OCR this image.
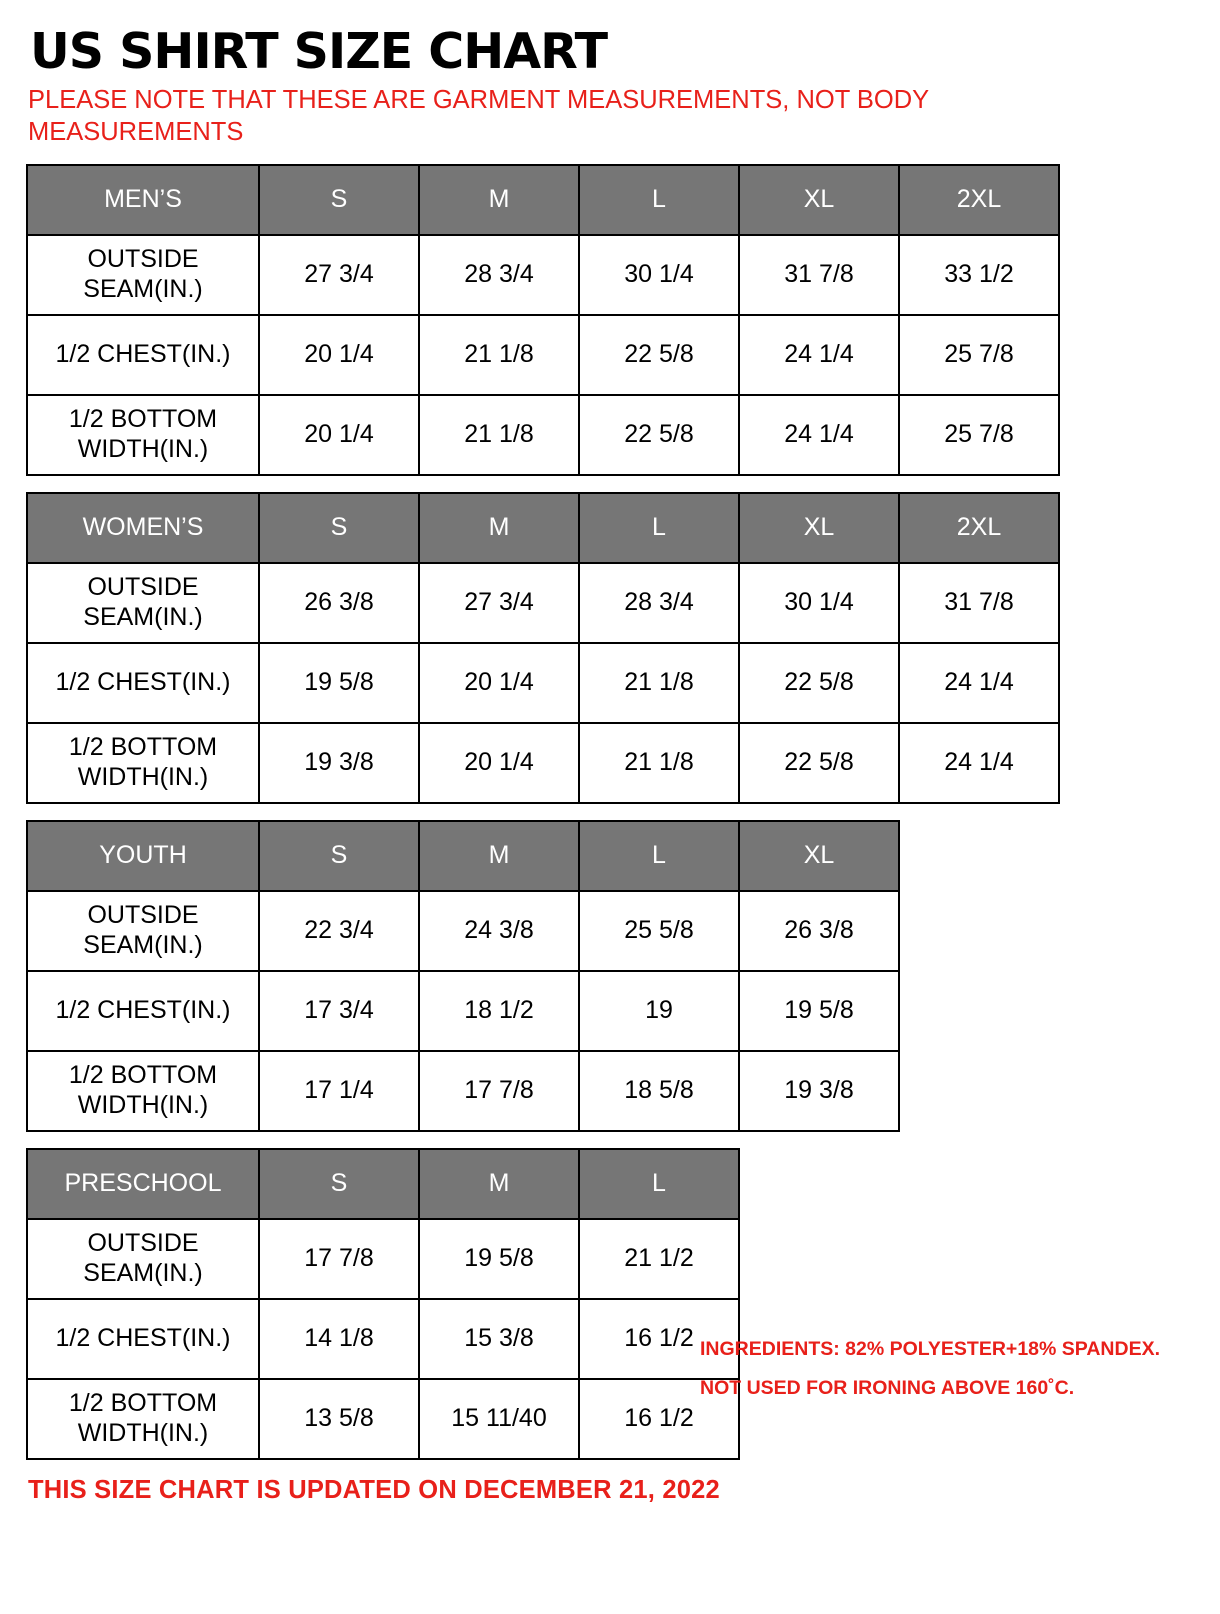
US SHIRT SIZE CHART
PLEASE NOTE THAT THESE ARE GARMENT MEASUREMENTS, NOT BODY MEASUREMENTS
MEN’S	S	M	L	XL	2XL
OUTSIDE SEAM(IN.)	27 3/4	28 3/4	30 1/4	31 7/8	33 1/2
1/2 CHEST(IN.)	20 1/4	21 1/8	22 5/8	24 1/4	25 7/8
1/2 BOTTOM WIDTH(IN.)	20 1/4	21 1/8	22 5/8	24 1/4	25 7/8
WOMEN’S	S	M	L	XL	2XL
OUTSIDE SEAM(IN.)	26 3/8	27 3/4	28 3/4	30 1/4	31 7/8
1/2 CHEST(IN.)	19 5/8	20 1/4	21 1/8	22 5/8	24 1/4
1/2 BOTTOM WIDTH(IN.)	19 3/8	20 1/4	21 1/8	22 5/8	24 1/4
YOUTH	S	M	L	XL
OUTSIDE SEAM(IN.)	22 3/4	24 3/8	25 5/8	26 3/8
1/2 CHEST(IN.)	17 3/4	18 1/2	19	19 5/8
1/2 BOTTOM WIDTH(IN.)	17 1/4	17 7/8	18 5/8	19 3/8
PRESCHOOL	S	M	L
OUTSIDE SEAM(IN.)	17 7/8	19 5/8	21 1/2
1/2 CHEST(IN.)	14 1/8	15 3/8	16 1/2
1/2 BOTTOM WIDTH(IN.)	13 5/8	15 11/40	16 1/2
THIS SIZE CHART IS UPDATED ON DECEMBER 21, 2022
INGREDIENTS: 82% POLYESTER+18% SPANDEX.
NOT USED FOR IRONING ABOVE 160˚C.
